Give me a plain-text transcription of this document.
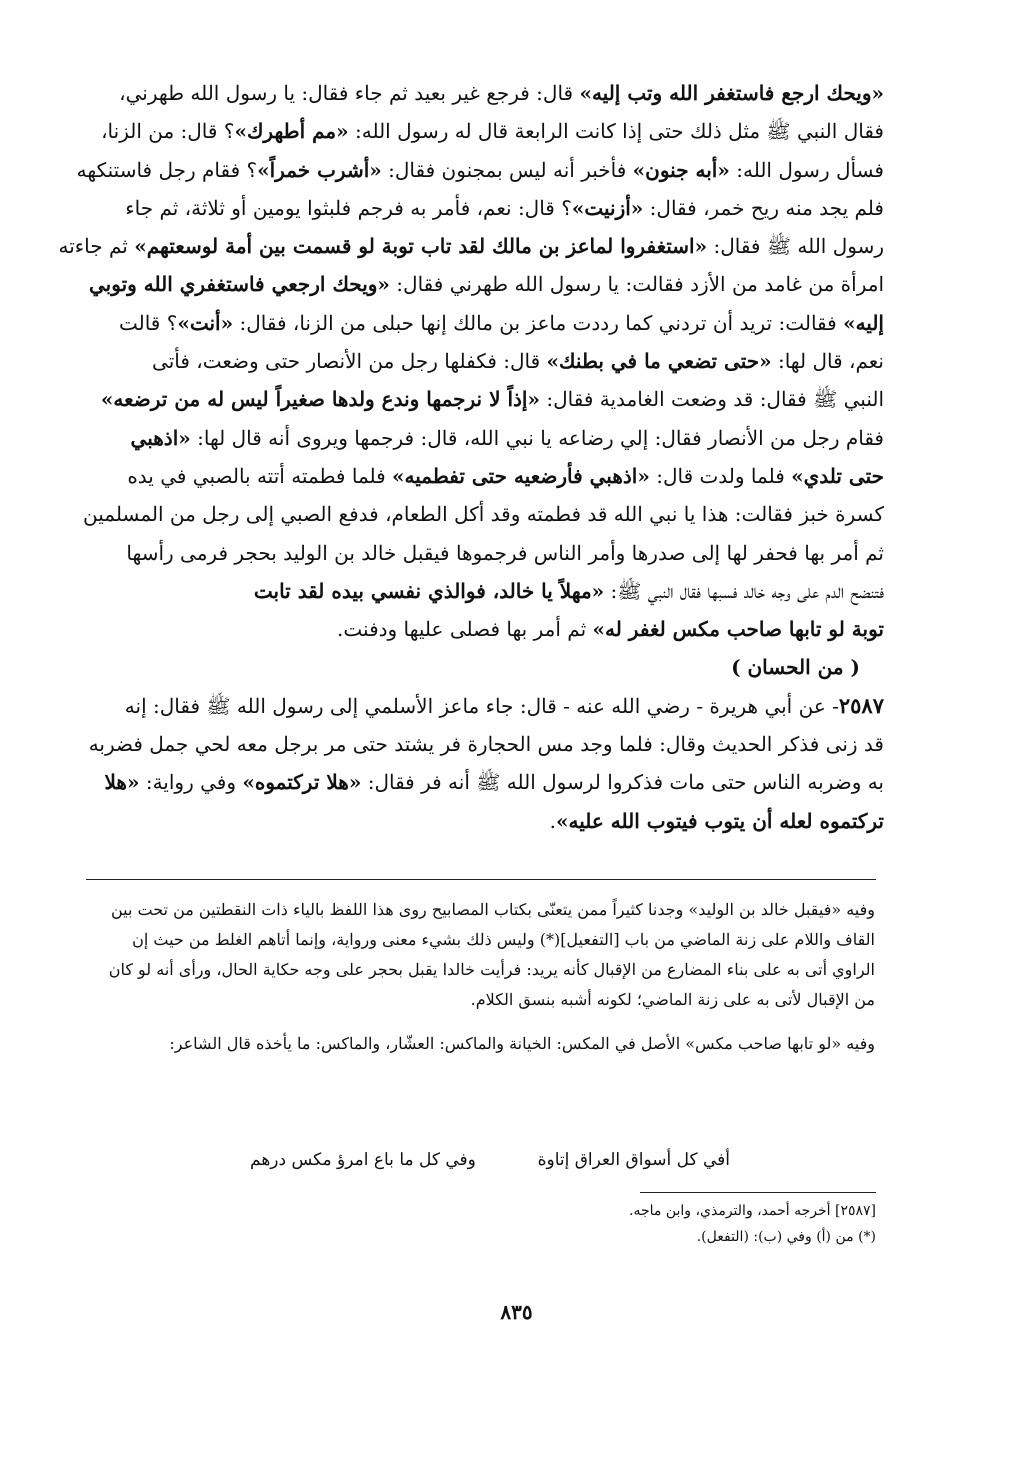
«ويحك ارجع فاستغفر الله وتب إليه» قال: فرجع غير بعيد ثم جاء فقال: يا رسول الله طهرني،
فقال النبي ﷺ مثل ذلك حتى إذا كانت الرابعة قال له رسول الله: «مم أطهرك»؟ قال: من الزنا،
فسأل رسول الله: «أبه جنون» فأخبر أنه ليس بمجنون فقال: «أشرب خمراً»؟ فقام رجل فاستنكهه
فلم يجد منه ريح خمر، فقال: «أزنيت»؟ قال: نعم، فأمر به فرجم فلبثوا يومين أو ثلاثة، ثم جاء
رسول الله ﷺ فقال: «استغفروا لماعز بن مالك لقد تاب توبة لو قسمت بين أمة لوسعتهم» ثم جاءته
امرأة من غامد من الأزد فقالت: يا رسول الله طهرني فقال: «ويحك ارجعي فاستغفري الله وتوبي
إليه» فقالت: تريد أن تردني كما رددت ماعز بن مالك إنها حبلى من الزنا، فقال: «أنت»؟ قالت
نعم، قال لها: «حتى تضعي ما في بطنك» قال: فكفلها رجل من الأنصار حتى وضعت، فأتى
النبي ﷺ فقال: قد وضعت الغامدية فقال: «إذاً لا نرجمها وندع ولدها صغيراً ليس له من ترضعه»
فقام رجل من الأنصار فقال: إلي رضاعه يا نبي الله، قال: فرجمها ويروى أنه قال لها: «اذهبي
حتى تلدي» فلما ولدت قال: «اذهبي فأرضعيه حتى تفطميه» فلما فطمته أتته بالصبي في يده
كسرة خبز فقالت: هذا يا نبي الله قد فطمته وقد أكل الطعام، فدفع الصبي إلى رجل من المسلمين
ثم أمر بها فحفر لها إلى صدرها وأمر الناس فرجموها فيقبل خالد بن الوليد بحجر فرمى رأسها
فتنضح الدم على وجه خالد فسبها فقال النبي ﷺ: «مهلاً يا خالد، فوالذي نفسي بيده لقد تابت
توبة لو تابها صاحب مكس لغفر له» ثم أمر بها فصلى عليها ودفنت.
( من الحسان )
٢٥٨٧- عن أبي هريرة - رضي الله عنه - قال: جاء ماعز الأسلمي إلى رسول الله ﷺ فقال: إنه
قد زنى فذكر الحديث وقال: فلما وجد مس الحجارة فر يشتد حتى مر برجل معه لحي جمل فضربه
به وضربه الناس حتى مات فذكروا لرسول الله ﷺ أنه فر فقال: «هلا تركتموه» وفي رواية: «هلا
تركتموه لعله أن يتوب فيتوب الله عليه».

وفيه «فيقبل خالد بن الوليد» وجدنا كثيراً ممن يتعنّى بكتاب المصابيح روى هذا اللفظ بالياء ذات النقطتين من تحت بين القاف واللام على زنة الماضي من باب [التفعيل](*) وليس ذلك بشيء معنى ورواية، وإنما أتاهم الغلط من حيث إن الراوي أتى به على بناء المضارع من الإقبال كأنه يريد: فرأيت خالدا يقبل بحجر على وجه حكاية الحال، ورأى أنه لو كان من الإقبال لأتى به على زنة الماضي؛ لكونه أشبه بنسق الكلام.

وفيه «لو تابها صاحب مكس» الأصل في المكس: الخيانة والماكس: العشّار، والماكس: ما يأخذه قال الشاعر:

أفي كل أسواق العراق إتاوة
وفي كل ما باع امرؤ مكس درهم
[٢٥٨٧] أخرجه أحمد، والترمذي، وابن ماجه.
(*) من (أ) وفي (ب): (التفعل).
٨٣٥
